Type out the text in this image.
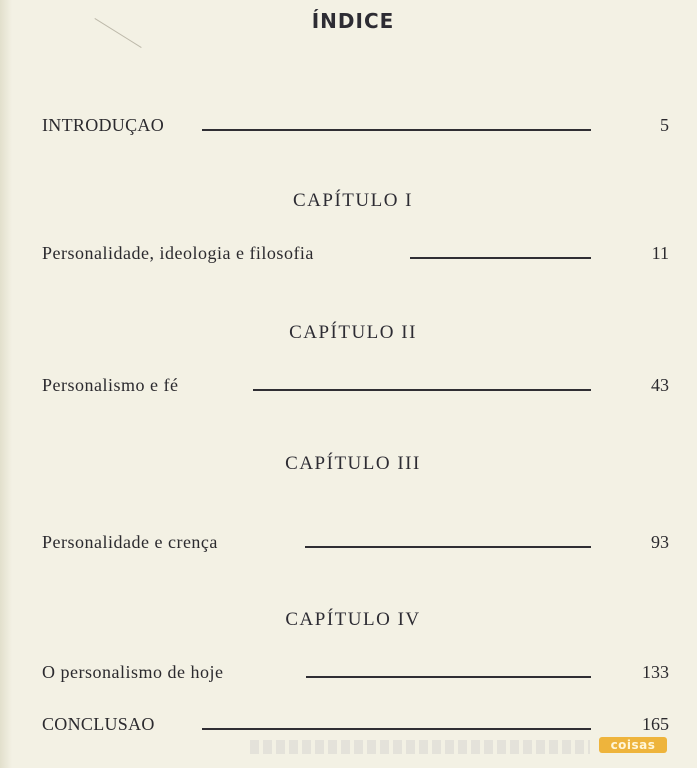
ÍNDICE
INTRODUÇAO	5
CAPÍTULO I
Personalidade, ideologia e filosofia	11
CAPÍTULO II
Personalismo e fé	43
CAPÍTULO III
Personalidade e crença	93
CAPÍTULO IV
O personalismo de hoje	133
CONCLUSAO	165
coisas
